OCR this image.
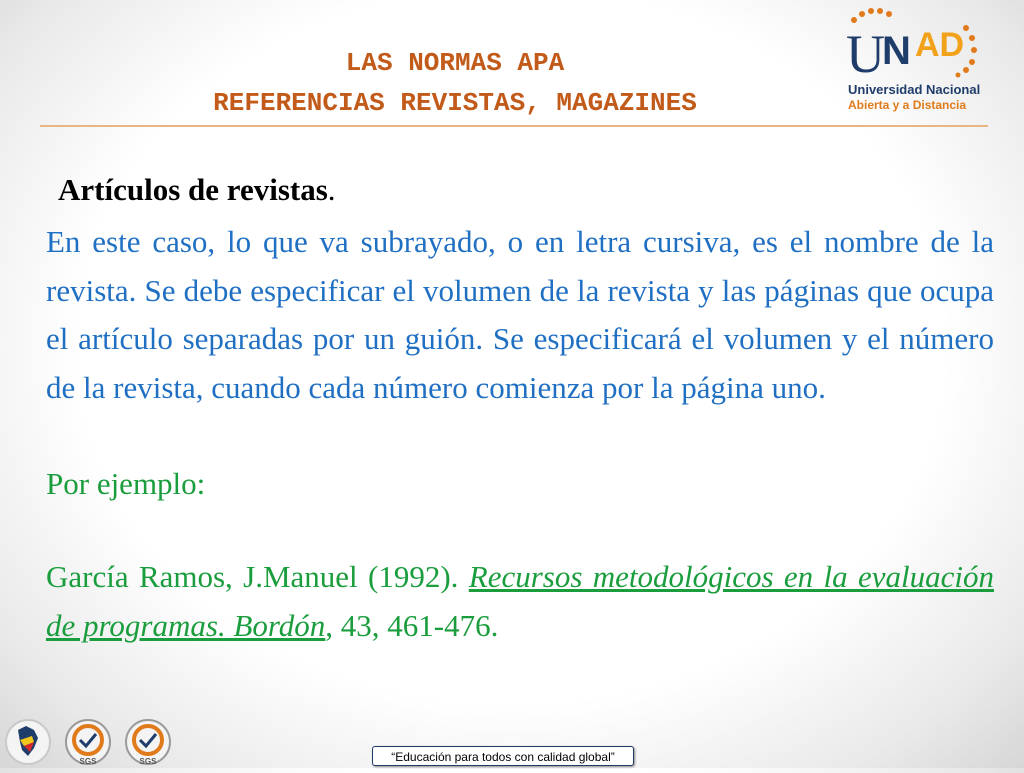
LAS NORMAS APA
REFERENCIAS REVISTAS, MAGAZINES
U
N AD
Universidad Nacional
Abierta y a Distancia
Artículos de revistas.

En este caso, lo que va subrayado, o en letra cursiva, es el nombre de la revista. Se debe especificar el volumen de la revista y las páginas que ocupa el artículo separadas por un guión. Se especificará el volumen y el número de la revista, cuando cada número comienza por la página uno.

Por ejemplo:

García Ramos, J.Manuel (1992). Recursos metodológicos en la evaluación de programas. Bordón, 43, 461-476.

SGS	SGS	“Educación para todos con calidad global”
